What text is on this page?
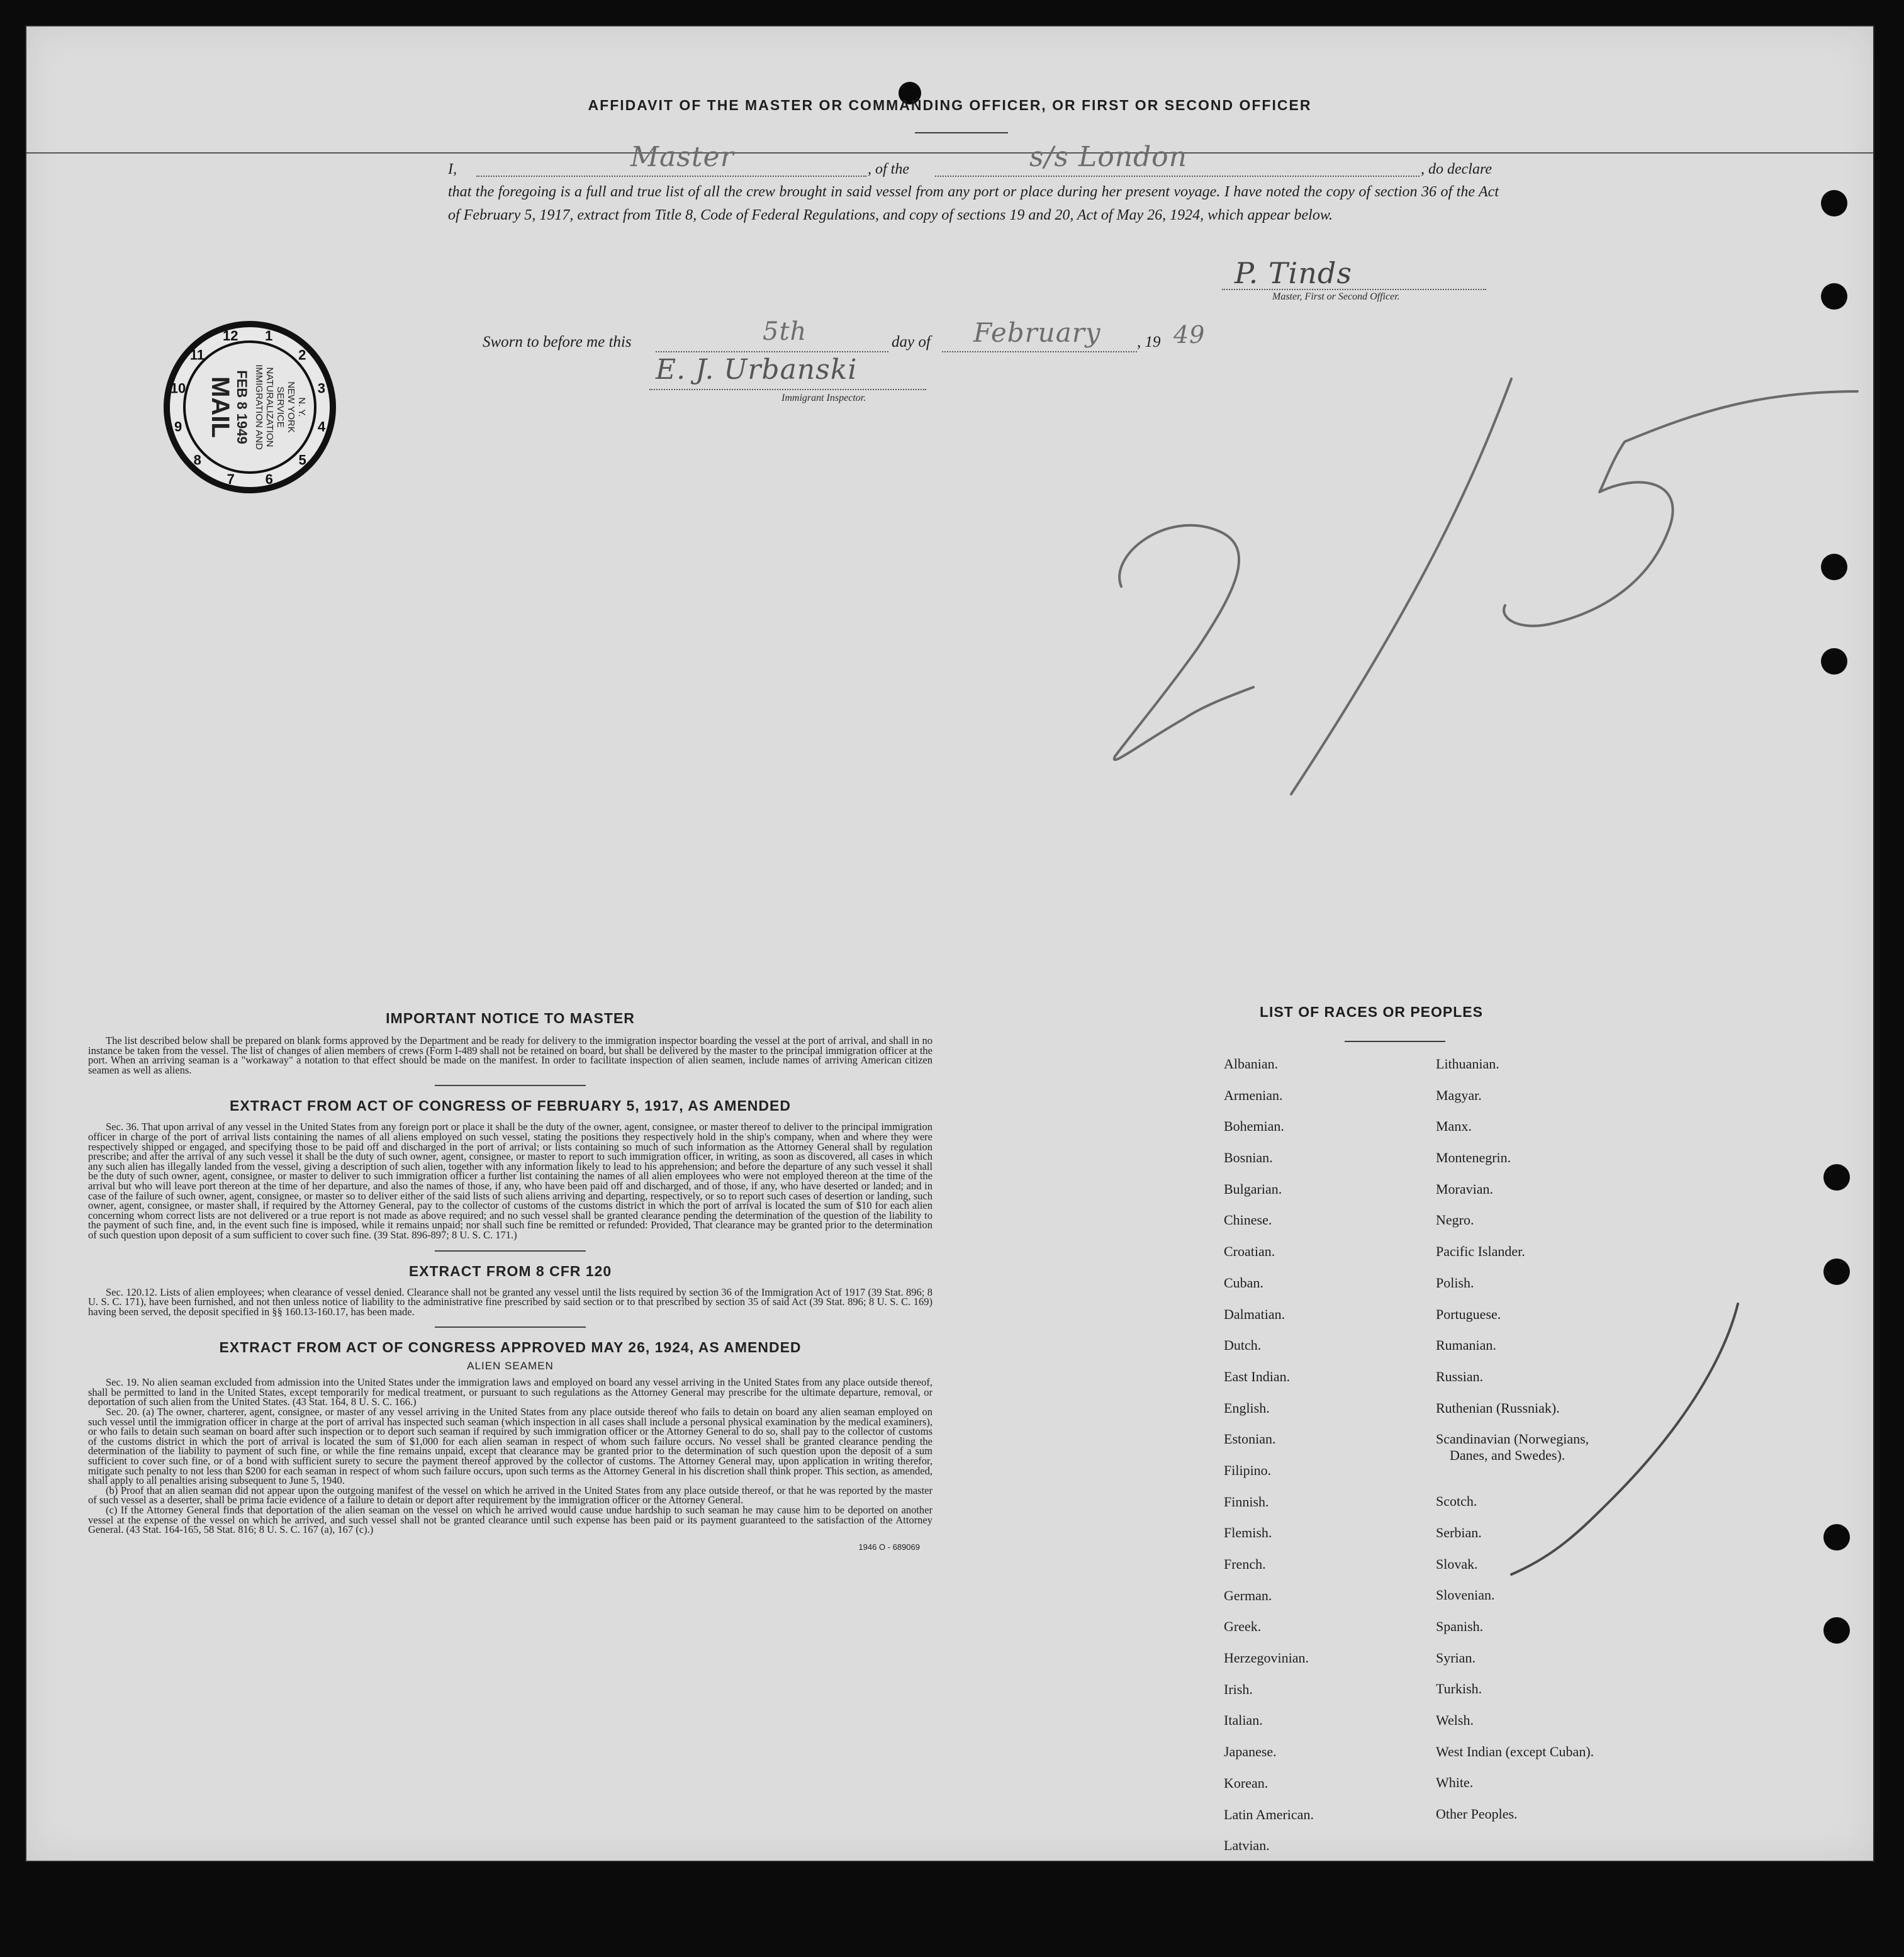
AFFIDAVIT OF THE MASTER OR COMMANDING OFFICER, OR FIRST OR SECOND OFFICER
I,	Master	, of the	s/s London	, do declare
that the foregoing is a full and true list of all the crew brought in said vessel from any port or place during her present voyage. I have noted the copy of section 36 of the Act of February 5, 1917, extract from Title 8, Code of Federal Regulations, and copy of sections 19 and 20, Act of May 26, 1924, which appear below.
P. Tinds
Master, First or Second Officer.
Sworn to before me this	5th	day of February , 19 49
E. J. Urbanski
Immigrant Inspector.
1
2
3
4
5
6
7
8
9
10
11
12
MAIL FEB 8 1949 IMMIGRATION AND NATURALIZATION SERVICE NEW YORK N. Y.
IMPORTANT NOTICE TO MASTER

The list described below shall be prepared on blank forms approved by the Department and be ready for delivery to the immigration inspector boarding the vessel at the port of arrival, and shall in no instance be taken from the vessel. The list of changes of alien members of crews (Form I-489 shall not be retained on board, but shall be delivered by the master to the principal immigration officer at the port. When an arriving seaman is a "workaway" a notation to that effect should be made on the manifest. In order to facilitate inspection of alien seamen, include names of arriving American citizen seamen as well as aliens.

EXTRACT FROM ACT OF CONGRESS OF FEBRUARY 5, 1917, AS AMENDED

Sec. 36. That upon arrival of any vessel in the United States from any foreign port or place it shall be the duty of the owner, agent, consignee, or master thereof to deliver to the principal immigration officer in charge of the port of arrival lists containing the names of all aliens employed on such vessel, stating the positions they respectively hold in the ship's company, when and where they were respectively shipped or engaged, and specifying those to be paid off and discharged in the port of arrival; or lists containing so much of such information as the Attorney General shall by regulation prescribe; and after the arrival of any such vessel it shall be the duty of such owner, agent, consignee, or master to report to such immigration officer, in writing, as soon as discovered, all cases in which any such alien has illegally landed from the vessel, giving a description of such alien, together with any information likely to lead to his apprehension; and before the departure of any such vessel it shall be the duty of such owner, agent, consignee, or master to deliver to such immigration officer a further list containing the names of all alien employees who were not employed thereon at the time of the arrival but who will leave port thereon at the time of her departure, and also the names of those, if any, who have been paid off and discharged, and of those, if any, who have deserted or landed; and in case of the failure of such owner, agent, consignee, or master so to deliver either of the said lists of such aliens arriving and departing, respectively, or so to report such cases of desertion or landing, such owner, agent, consignee, or master shall, if required by the Attorney General, pay to the collector of customs of the customs district in which the port of arrival is located the sum of $10 for each alien concerning whom correct lists are not delivered or a true report is not made as above required; and no such vessel shall be granted clearance pending the determination of the question of the liability to the payment of such fine, and, in the event such fine is imposed, while it remains unpaid; nor shall such fine be remitted or refunded: Provided, That clearance may be granted prior to the determination of such question upon deposit of a sum sufficient to cover such fine. (39 Stat. 896-897; 8 U. S. C. 171.)

EXTRACT FROM 8 CFR 120

Sec. 120.12. Lists of alien employees; when clearance of vessel denied. Clearance shall not be granted any vessel until the lists required by section 36 of the Immigration Act of 1917 (39 Stat. 896; 8 U. S. C. 171), have been furnished, and not then unless notice of liability to the administrative fine prescribed by said section or to that prescribed by section 35 of said Act (39 Stat. 896; 8 U. S. C. 169) having been served, the deposit specified in §§ 160.13-160.17, has been made.

EXTRACT FROM ACT OF CONGRESS APPROVED MAY 26, 1924, AS AMENDED
ALIEN SEAMEN

Sec. 19. No alien seaman excluded from admission into the United States under the immigration laws and employed on board any vessel arriving in the United States from any place outside thereof, shall be permitted to land in the United States, except temporarily for medical treatment, or pursuant to such regulations as the Attorney General may prescribe for the ultimate departure, removal, or deportation of such alien from the United States. (43 Stat. 164, 8 U. S. C. 166.)

Sec. 20. (a) The owner, charterer, agent, consignee, or master of any vessel arriving in the United States from any place outside thereof who fails to detain on board any alien seaman employed on such vessel until the immigration officer in charge at the port of arrival has inspected such seaman (which inspection in all cases shall include a personal physical examination by the medical examiners), or who fails to detain such seaman on board after such inspection or to deport such seaman if required by such immigration officer or the Attorney General to do so, shall pay to the collector of customs of the customs district in which the port of arrival is located the sum of $1,000 for each alien seaman in respect of whom such failure occurs. No vessel shall be granted clearance pending the determination of the liability to payment of such fine, or while the fine remains unpaid, except that clearance may be granted prior to the determination of such question upon the deposit of a sum sufficient to cover such fine, or of a bond with sufficient surety to secure the payment thereof approved by the collector of customs. The Attorney General may, upon application in writing therefor, mitigate such penalty to not less than $200 for each seaman in respect of whom such failure occurs, upon such terms as the Attorney General in his discretion shall think proper. This section, as amended, shall apply to all penalties arising subsequent to June 5, 1940.

(b) Proof that an alien seaman did not appear upon the outgoing manifest of the vessel on which he arrived in the United States from any place outside thereof, or that he was reported by the master of such vessel as a deserter, shall be prima facie evidence of a failure to detain or deport after requirement by the immigration officer or the Attorney General.

(c) If the Attorney General finds that deportation of the alien seaman on the vessel on which he arrived would cause undue hardship to such seaman he may cause him to be deported on another vessel at the expense of the vessel on which he arrived, and such vessel shall not be granted clearance until such expense has been paid or its payment guaranteed to the satisfaction of the Attorney General. (43 Stat. 164-165, 58 Stat. 816; 8 U. S. C. 167 (a), 167 (c).)

1946 O - 689069
LIST OF RACES OR PEOPLES
Albanian.
Armenian.
Bohemian.
Bosnian.
Bulgarian.
Chinese.
Croatian.
Cuban.
Dalmatian.
Dutch.
East Indian.
English.
Estonian.
Filipino.
Finnish.
Flemish.
French.
German.
Greek.
Herzegovinian.
Irish.
Italian.
Japanese.
Korean.
Latin American.
Latvian.
Lithuanian.
Magyar.
Manx.
Montenegrin.
Moravian.
Negro.
Pacific Islander.
Polish.
Portuguese.
Rumanian.
Russian.
Ruthenian (Russniak).
Scandinavian (Norwegians,
Danes, and Swedes).
Scotch.
Serbian.
Slovak.
Slovenian.
Spanish.
Syrian.
Turkish.
Welsh.
West Indian (except Cuban).
White.
Other Peoples.
